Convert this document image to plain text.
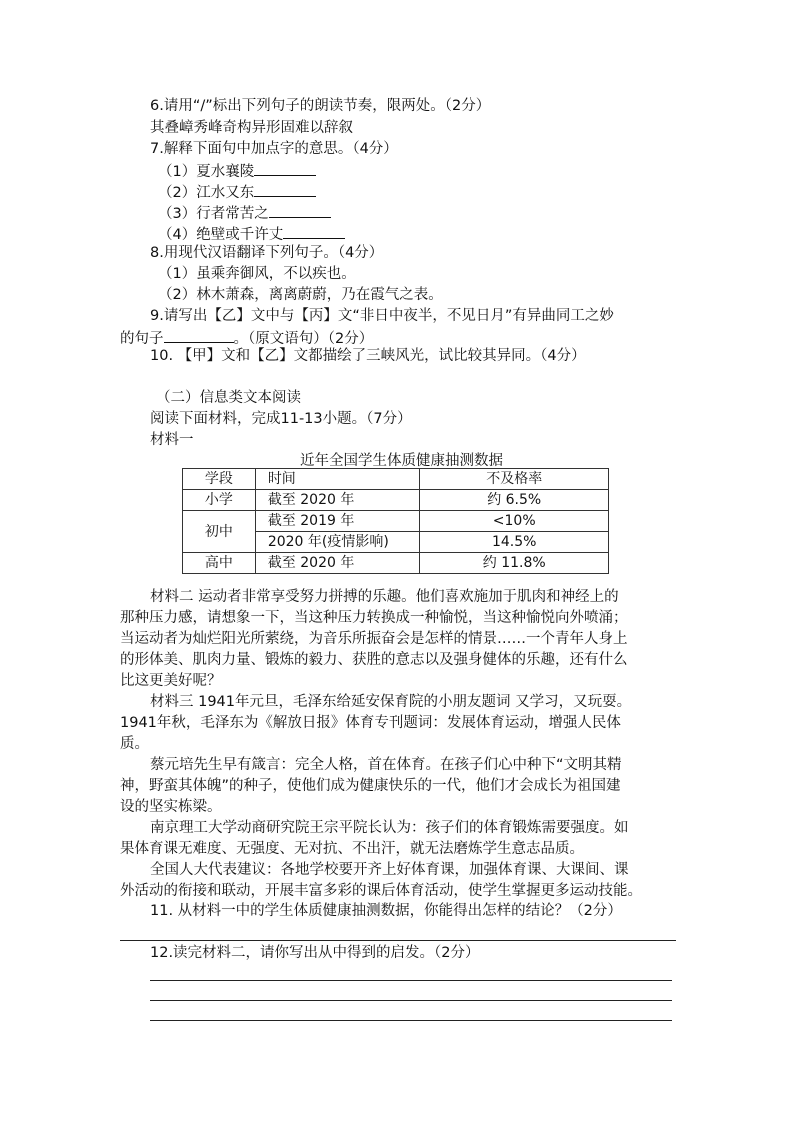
6.请用“/”标出下列句子的朗读节奏，限两处。（2分）
其叠嶂秀峰奇构异形固难以辞叙
7.解释下面句中加点字的意思。（4分）
（1）夏水襄陵
（2）江水又东
（3）行者常苦之
（4）绝壁或千许丈
8.用现代汉语翻译下列句子。（4分）
（1）虽乘奔御风，不以疾也。
（2）林木萧森，离离蔚蔚，乃在霞气之表。
9.请写出【乙】文中与【丙】文“非日中夜半，不见日月”有异曲同工之妙
的句子	。（原文语句）（2分）
10. 【甲】文和【乙】文都描绘了三峡风光，试比较其异同。（4分）
（二）信息类文本阅读
阅读下面材料，完成11-13小题。（7分）
材料一
近年全国学生体质健康抽测数据
学段	时间	不及格率
小学	截至 2020 年	约 6.5%
初中	截至 2019 年	<10%
	2020 年(疫情影响)	14.5%
高中	截至 2020 年	约 11.8%
材料二 运动者非常享受努力拼搏的乐趣。他们喜欢施加于肌肉和神经上的
那种压力感，请想象一下，当这种压力转换成一种愉悦，当这种愉悦向外喷涌；
当运动者为灿烂阳光所萦绕，为音乐所振奋会是怎样的情景……一个青年人身上
的形体美、肌肉力量、锻炼的毅力、获胜的意志以及强身健体的乐趣，还有什么
比这更美好呢？
材料三 1941年元旦，毛泽东给延安保育院的小朋友题词 又学习，又玩耍。
1941年秋，毛泽东为《解放日报》体育专刊题词：发展体育运动，增强人民体
质。
蔡元培先生早有箴言：完全人格，首在体育。在孩子们心中种下“文明其精
神，野蛮其体魄”的种子，使他们成为健康快乐的一代，他们才会成长为祖国建
设的坚实栋梁。
南京理工大学动商研究院王宗平院长认为：孩子们的体育锻炼需要强度。如
果体育课无难度、无强度、无对抗、不出汗，就无法磨炼学生意志品质。
全国人大代表建议：各地学校要开齐上好体育课，加强体育课、大课间、课
外活动的衔接和联动，开展丰富多彩的课后体育活动，使学生掌握更多运动技能。
11. 从材料一中的学生体质健康抽测数据，你能得出怎样的结论？（2分）
12.读完材料二，请你写出从中得到的启发。（2分）
